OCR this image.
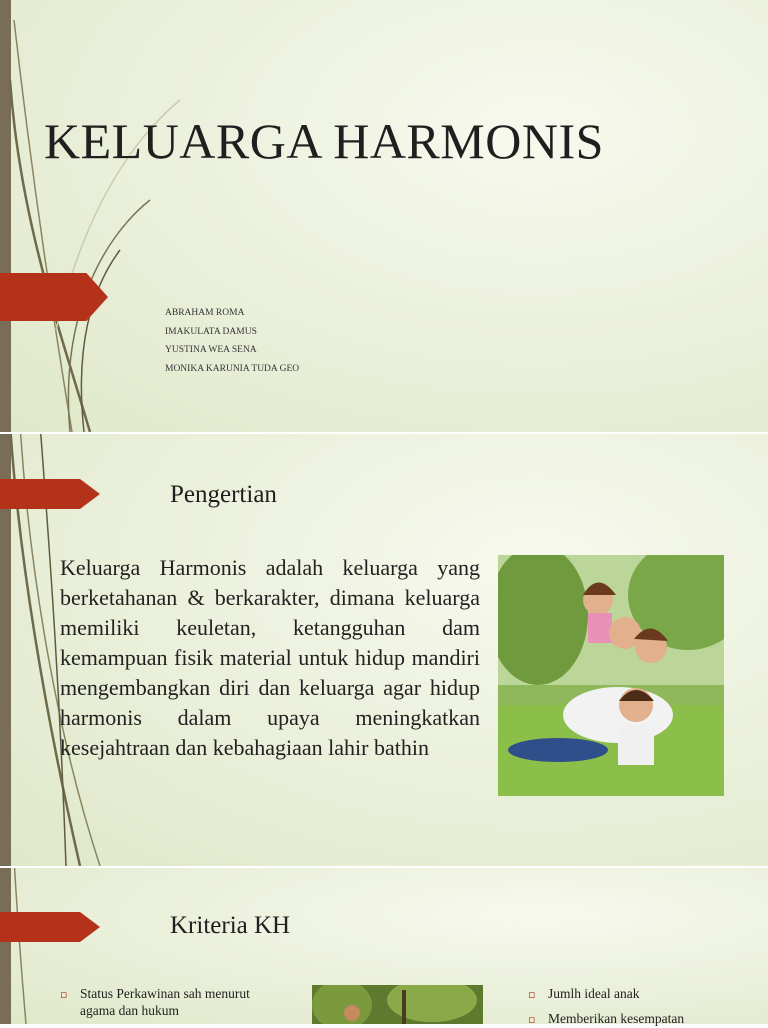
KELUARGA HARMONIS
ABRAHAM ROMA
IMAKULATA DAMUS
YUSTINA WEA SENA
MONIKA KARUNIA TUDA GEO
Pengertian
Keluarga Harmonis adalah keluarga yang berketahanan & berkarakter, dimana keluarga memiliki keuletan, ketangguhan dam kemampuan fisik material untuk hidup mandiri mengembangkan diri dan keluarga agar hidup harmonis dalam upaya meningkatkan kesejahtraan dan kebahagiaan lahir bathin
Kriteria KH
▫ Status Perkawinan sah menurut agama dan hukum
▫ Jumlh ideal anak
▫ Memberikan kesempatan
